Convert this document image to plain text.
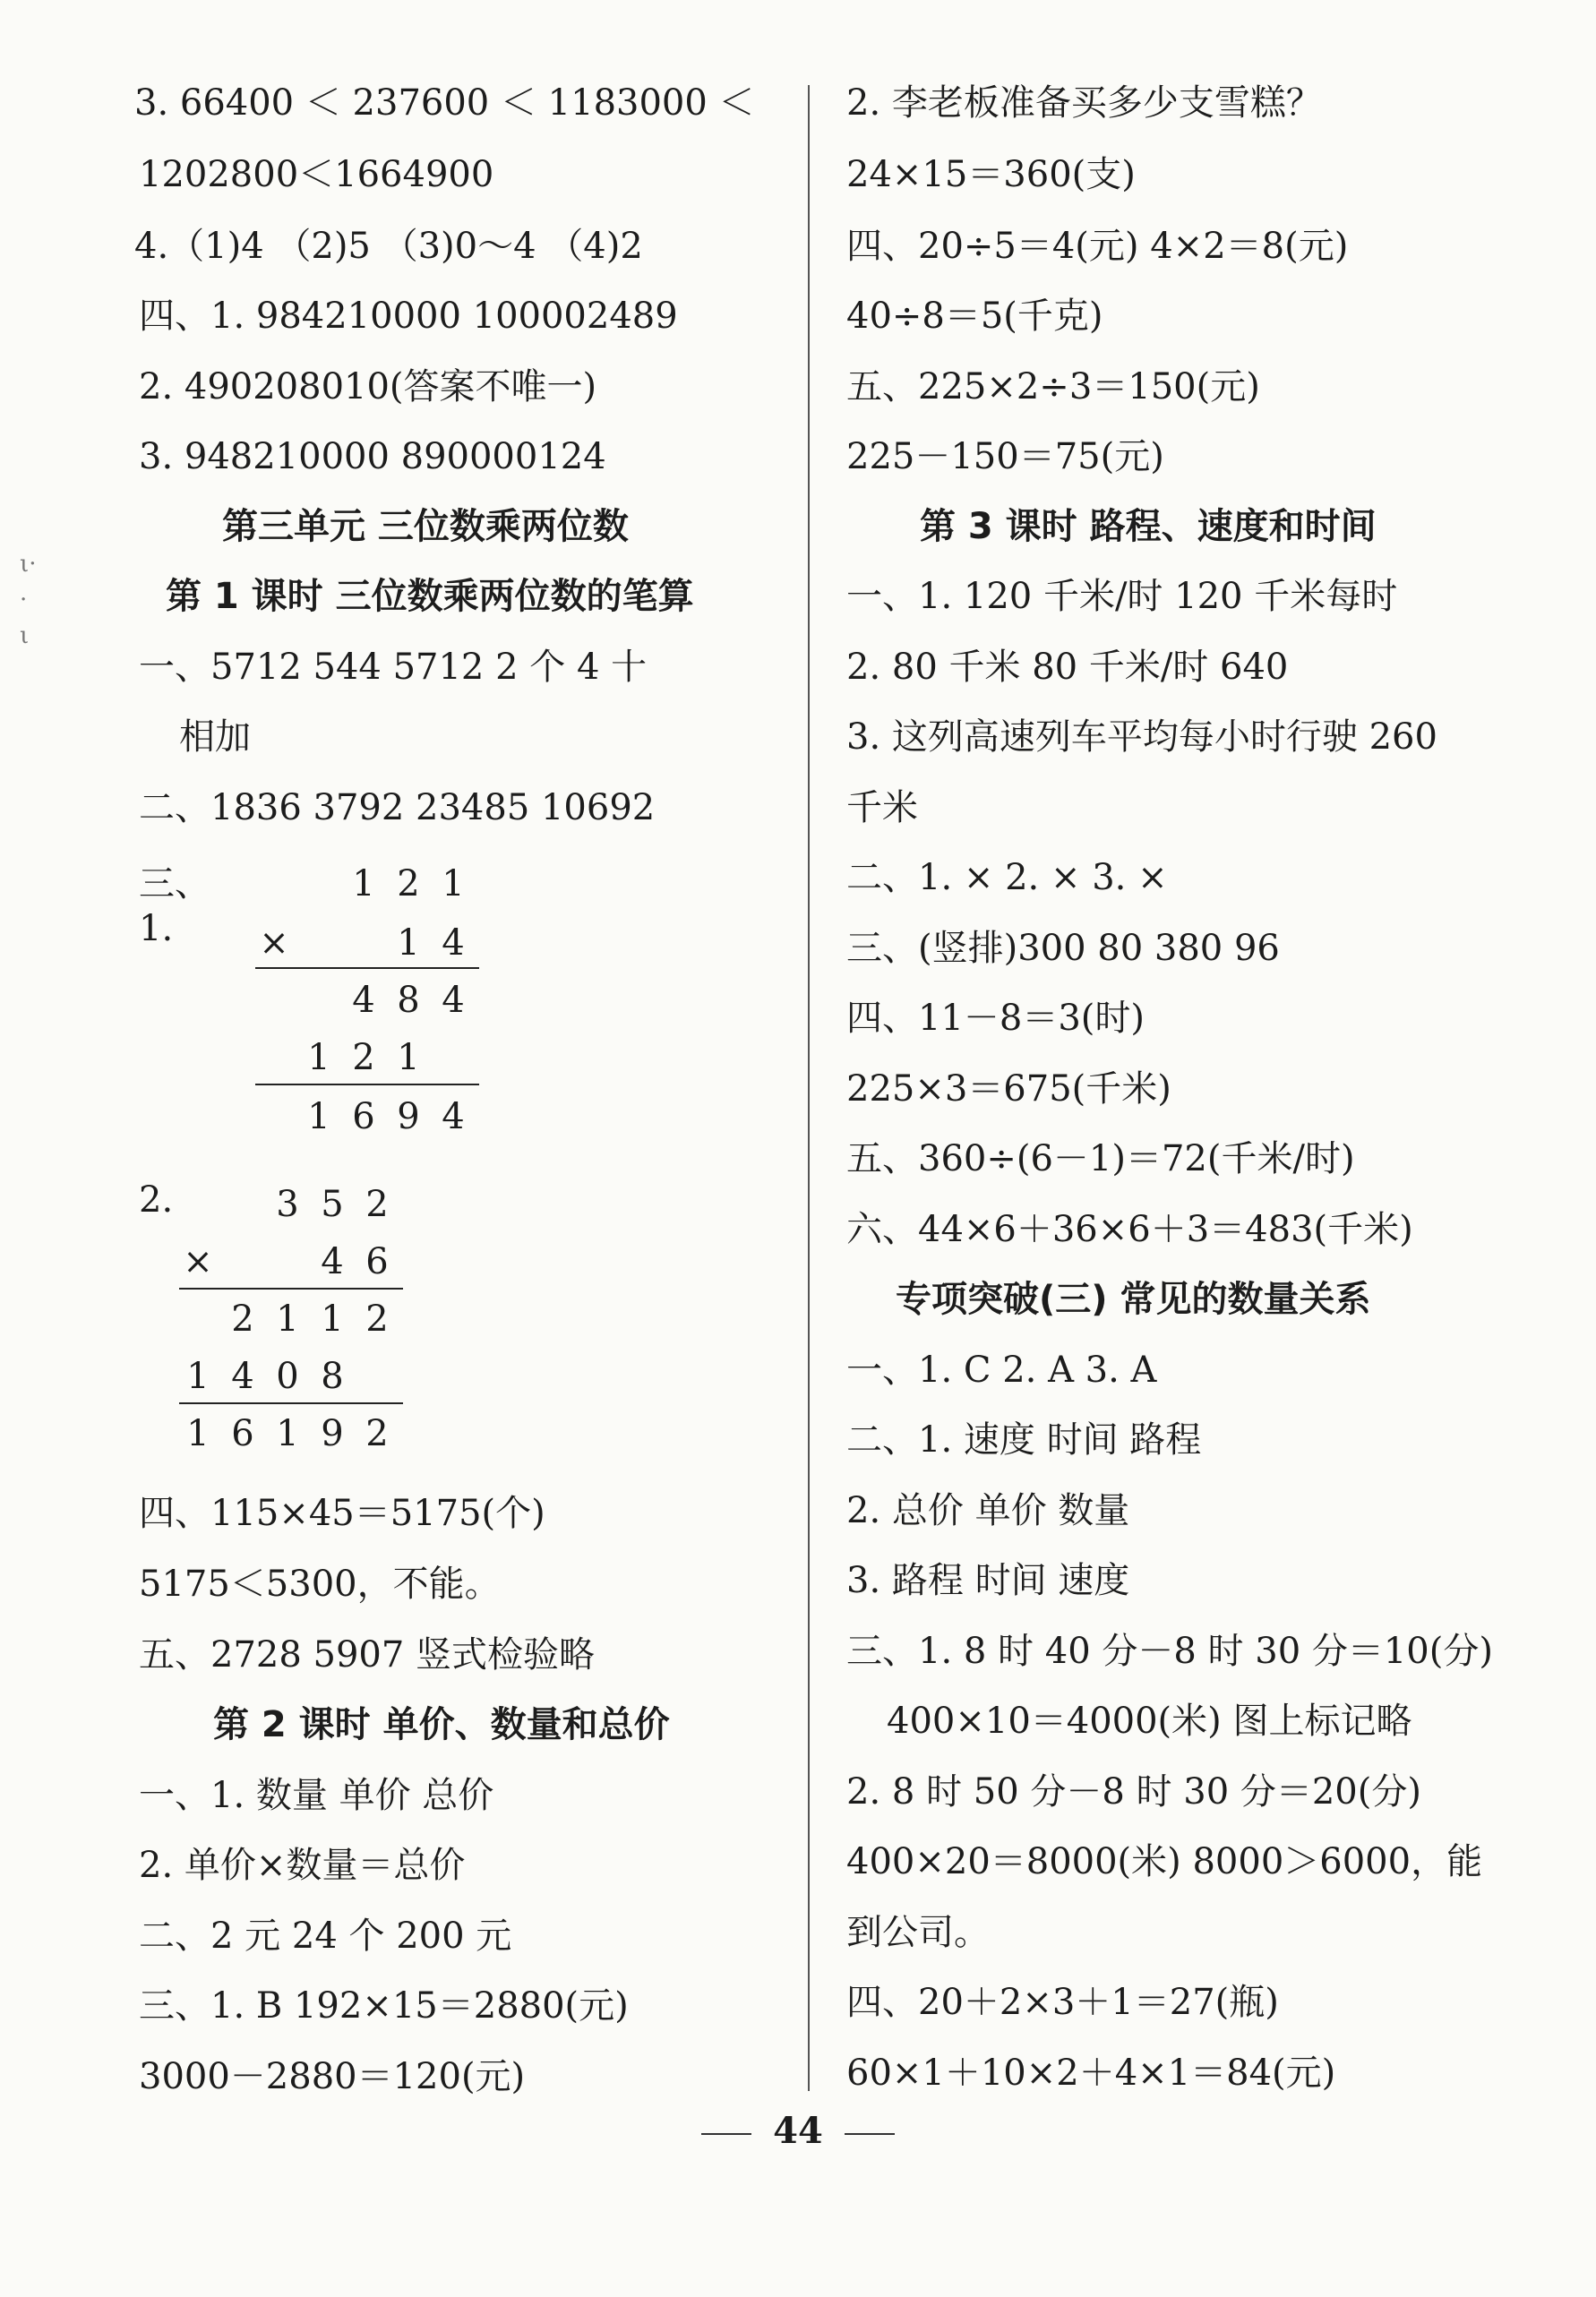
ι·
·
ι
3. 66400 ＜ 237600 ＜ 1183000 ＜
1202800＜1664900
4.（1)4 （2)5 （3)0～4 （4)2
四、1. 984210000 100002489
2. 490208010(答案不唯一)
3. 948210000 890000124
第三单元 三位数乘两位数
第 1 课时 三位数乘两位数的笔算
一、5712 544 5712 2 个 4 十
相加
二、1836 3792 23485 10692
三、1.
1 2 1
×	1 4
4 8 4
1 2 1
1 6 9 4
2.	3 5 2
×	4 6
2 1 1 2
1 4 0 8
1 6 1 9 2
四、115×45＝5175(个)
5175＜5300，不能。
五、2728 5907 竖式检验略
第 2 课时 单价、数量和总价
一、1. 数量 单价 总价
2. 单价×数量＝总价
二、2 元 24 个 200 元
三、1. B 192×15＝2880(元)
3000－2880＝120(元)
2. 李老板准备买多少支雪糕？
24×15＝360(支)
四、20÷5＝4(元) 4×2＝8(元)
40÷8＝5(千克)
五、225×2÷3＝150(元)
225－150＝75(元)
第 3 课时 路程、速度和时间
一、1. 120 千米/时 120 千米每时
2. 80 千米 80 千米/时 640
3. 这列高速列车平均每小时行驶 260
千米
二、1. × 2. × 3. ×
三、(竖排)300 80 380 96
四、11－8＝3(时)
225×3＝675(千米)
五、360÷(6－1)＝72(千米/时)
六、44×6＋36×6＋3＝483(千米)
专项突破(三) 常见的数量关系
一、1. C 2. A 3. A
二、1. 速度 时间 路程
2. 总价 单价 数量
3. 路程 时间 速度
三、1. 8 时 40 分－8 时 30 分＝10(分)
400×10＝4000(米) 图上标记略
2. 8 时 50 分－8 时 30 分＝20(分)
400×20＝8000(米) 8000＞6000，能
到公司。
四、20＋2×3＋1＝27(瓶)
60×1＋10×2＋4×1＝84(元)
44
